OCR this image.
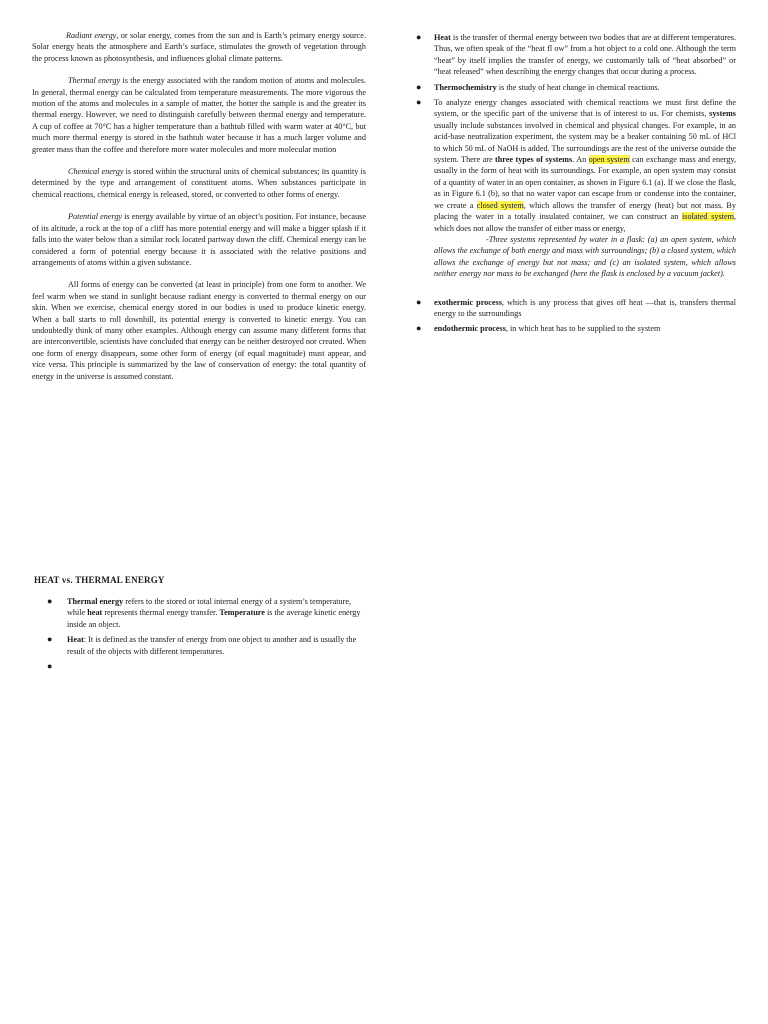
Radiant energy, or solar energy, comes from the sun and is Earth’s primary energy source. Solar energy heats the atmosphere and Earth’s surface, stimulates the growth of vegetation through the process known as photosynthesis, and influences global climate patterns.

Thermal energy is the energy associated with the random motion of atoms and molecules. In general, thermal energy can be calculated from temperature measurements. The more vigorous the motion of the atoms and molecules in a sample of matter, the hotter the sample is and the greater its thermal energy. However, we need to distinguish carefully between thermal energy and temperature. A cup of coffee at 70°C has a higher temperature than a bathtub filled with warm water at 40°C, but much more thermal energy is stored in the bathtub water because it has a much larger volume and greater mass than the coffee and therefore more water molecules and more molecular motion

Chemical energy is stored within the structural units of chemical substances; its quantity is determined by the type and arrangement of constituent atoms. When substances participate in chemical reactions, chemical energy is released, stored, or converted to other forms of energy.

Potential energy is energy available by virtue of an object’s position. For instance, because of its altitude, a rock at the top of a cliff has more potential energy and will make a bigger splash if it falls into the water below than a similar rock located partway down the cliff. Chemical energy can be considered a form of potential energy because it is associated with the relative positions and arrangements of atoms within a given substance.

All forms of energy can be converted (at least in principle) from one form to another. We feel warm when we stand in sunlight because radiant energy is converted to thermal energy on our skin. When we exercise, chemical energy stored in our bodies is used to produce kinetic energy. When a ball starts to roll downhill, its potential energy is converted to kinetic energy. You can undoubtedly think of many other examples. Although energy can assume many different forms that are interconvertible, scientists have concluded that energy can be neither destroyed nor created. When one form of energy disappears, some other form of energy (of equal magnitude) must appear, and vice versa. This principle is summarized by the law of conservation of energy: the total quantity of energy in the universe is assumed constant.

HEAT vs. THERMAL ENERGY
● Thermal energy refers to the stored or total internal energy of a system’s temperature, while heat represents thermal energy transfer. Temperature is the average kinetic energy inside an object.
● Heat: It is defined as the transfer of energy from one object to another and is usually the result of the objects with different temperatures.
●
● Heat is the transfer of thermal energy between two bodies that are at different temperatures. Thus, we often speak of the “heat fl ow” from a hot object to a cold one. Although the term “heat” by itself implies the transfer of energy, we customarily talk of “heat absorbed” or “heat released” when describing the energy changes that occur during a process.
● Thermochemistry is the study of heat change in chemical reactions.
● To analyze energy changes associated with chemical reactions we must first define the system, or the specific part of the universe that is of interest to us. For chemists, systems usually include substances involved in chemical and physical changes. For example, in an acid-base neutralization experiment, the system may be a beaker containing 50 mL of HCl to which 50 mL of NaOH is added. The surroundings are the rest of the universe outside the system. There are three types of systems. An open system can exchange mass and energy, usually in the form of heat with its surroundings. For example, an open system may consist of a quantity of water in an open container, as shown in Figure 6.1 (a). If we close the flask, as in Figure 6.1 (b), so that no water vapor can escape from or condense into the container, we create a closed system, which allows the transfer of energy (heat) but not mass. By placing the water in a totally insulated container, we can construct an isolated system, which does not allow the transfer of either mass or energy,

-Three systems represented by water in a flask: (a) an open system, which allows the exchange of both energy and mass with surroundings; (b) a closed system, which allows the exchange of energy but not mass; and (c) an isolated system, which allows neither energy nor mass to be exchanged (here the flask is enclosed by a vacuum jacket).

● exothermic process, which is any process that gives off heat —that is, transfers thermal energy to the surroundings
● endothermic process, in which heat has to be supplied to the system
